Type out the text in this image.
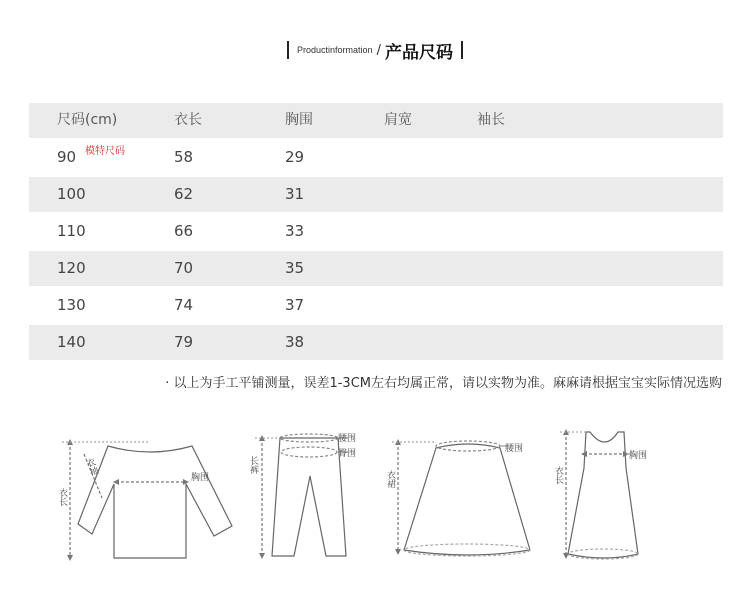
Productinformation / 产品尺码
尺码(cm)	衣长	胸围	肩宽	袖长
90 模特尺码	58	29
100	62	31
110	66	33
120	70	35
130	74	37
140	79	38
· 以上为手工平铺测量，误差1-3CM左右均属正常，请以实物为准。麻麻请根据宝宝实际情况选购
衣长
衣袖
胸围
腰围
臀围
长裤
腰围
衣裙
胸围
衣长
